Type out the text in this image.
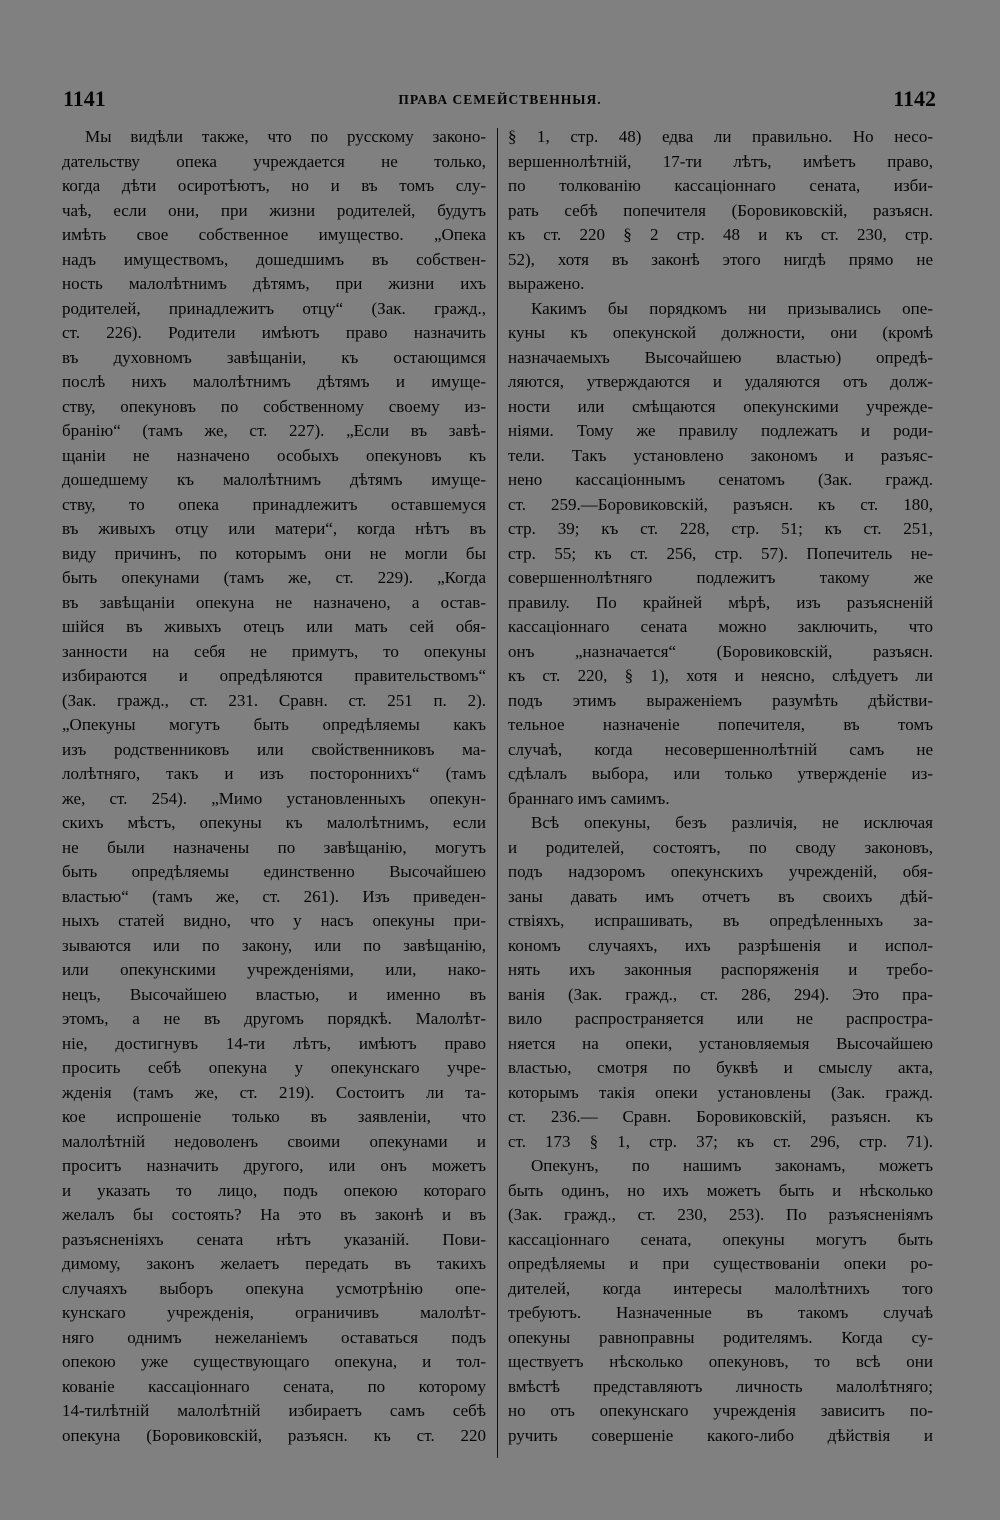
1141	ПРАВА СЕМЕЙСТВЕННЫЯ.	1142
Мы видѣли также, что по русскому законо-
дательству опека учреждается не только,
когда дѣти осиротѣютъ, но и въ томъ слу-
чаѣ, если они, при жизни родителей, будутъ
имѣть свое собственное имущество. „Опека
надъ имуществомъ, дошедшимъ въ собствен-
ность малолѣтнимъ дѣтямъ, при жизни ихъ
родителей, принадлежитъ отцу“ (Зак. гражд.,
ст. 226). Родители имѣютъ право назначить
въ духовномъ завѣщаніи, къ остающимся
послѣ нихъ малолѣтнимъ дѣтямъ и имуще-
ству, опекуновъ по собственному своему из-
бранію“ (тамъ же, ст. 227). „Если въ завѣ-
щаніи не назначено особыхъ опекуновъ къ
дошедшему къ малолѣтнимъ дѣтямъ имуще-
ству, то опека принадлежитъ оставшемуся
въ живыхъ отцу или матери“, когда нѣтъ въ
виду причинъ, по которымъ они не могли бы
быть опекунами (тамъ же, ст. 229). „Когда
въ завѣщаніи опекуна не назначено, а остав-
шійся въ живыхъ отецъ или мать сей обя-
занности на себя не примутъ, то опекуны
избираются и опредѣляются правительствомъ“
(Зак. гражд., ст. 231. Сравн. ст. 251 п. 2).
„Опекуны могутъ быть опредѣляемы какъ
изъ родственниковъ или свойственниковъ ма-
лолѣтняго, такъ и изъ постороннихъ“ (тамъ
же, ст. 254). „Мимо установленныхъ опекун-
скихъ мѣстъ, опекуны къ малолѣтнимъ, если
не были назначены по завѣщанію, могутъ
быть опредѣляемы единственно Высочайшею
властью“ (тамъ же, ст. 261). Изъ приведен-
ныхъ статей видно, что у насъ опекуны при-
зываются или по закону, или по завѣщанію,
или опекунскими учрежденіями, или, нако-
нецъ, Высочайшею властью, и именно въ
этомъ, а не въ другомъ порядкѣ. Малолѣт-
ніе, достигнувъ 14-ти лѣтъ, имѣютъ право
просить себѣ опекуна у опекунскаго учре-
жденія (тамъ же, ст. 219). Состоитъ ли та-
кое испрошеніе только въ заявленіи, что
малолѣтній недоволенъ своими опекунами и
проситъ назначить другого, или онъ можетъ
и указать то лицо, подъ опекою котораго
желалъ бы состоять? На это въ законѣ и въ
разъясненіяхъ сената нѣтъ указаній. Пови-
димому, законъ желаетъ передать въ такихъ
случаяхъ выборъ опекуна усмотрѣнію опе-
кунскаго учрежденія, ограничивъ малолѣт-
няго однимъ нежеланіемъ оставаться подъ
опекою уже существующаго опекуна, и тол-
кованіе кассаціоннаго сената, по которому
14-тилѣтній малолѣтній избираетъ самъ себѣ
опекуна (Боровиковскій, разъясн. къ ст. 220
§ 1, стр. 48) едва ли правильно. Но несо-
вершеннолѣтній, 17-ти лѣтъ, имѣетъ право,
по толкованію кассаціоннаго сената, изби-
рать себѣ попечителя (Боровиковскій, разъясн.
къ ст. 220 § 2 стр. 48 и къ ст. 230, стр.
52), хотя въ законѣ этого нигдѣ прямо не
выражено.
Какимъ бы порядкомъ ни призывались опе-
куны къ опекунской должности, они (кромѣ
назначаемыхъ Высочайшею властью) опредѣ-
ляются, утверждаются и удаляются отъ долж-
ности или смѣщаются опекунскими учрежде-
ніями. Тому же правилу подлежатъ и роди-
тели. Такъ установлено закономъ и разъяс-
нено кассаціоннымъ сенатомъ (Зак. гражд.
ст. 259.—Боровиковскій, разъясн. къ ст. 180,
стр. 39; къ ст. 228, стр. 51; къ ст. 251,
стр. 55; къ ст. 256, стр. 57). Попечитель не-
совершеннолѣтняго подлежитъ такому же
правилу. По крайней мѣрѣ, изъ разъясненій
кассаціоннаго сената можно заключить, что
онъ „назначается“ (Боровиковскій, разъясн.
къ ст. 220, § 1), хотя и неясно, слѣдуетъ ли
подъ этимъ выраженіемъ разумѣть дѣйстви-
тельное назначеніе попечителя, въ томъ
случаѣ, когда несовершеннолѣтній самъ не
сдѣлалъ выбора, или только утвержденіе из-
браннаго имъ самимъ.
Всѣ опекуны, безъ различія, не исключая
и родителей, состоятъ, по своду законовъ,
подъ надзоромъ опекунскихъ учрежденій, обя-
заны давать имъ отчетъ въ своихъ дѣй-
ствіяхъ, испрашивать, въ опредѣленныхъ за-
кономъ случаяхъ, ихъ разрѣшенія и испол-
нять ихъ законныя распоряженія и требо-
ванія (Зак. гражд., ст. 286, 294). Это пра-
вило распространяется или не распростра-
няется на опеки, установляемыя Высочайшею
властью, смотря по буквѣ и смыслу акта,
которымъ такія опеки установлены (Зак. гражд.
ст. 236.— Сравн. Боровиковскій, разъясн. къ
ст. 173 § 1, стр. 37; къ ст. 296, стр. 71).
Опекунъ, по нашимъ законамъ, можетъ
быть одинъ, но ихъ можетъ быть и нѣсколько
(Зак. гражд., ст. 230, 253). По разъясненіямъ
кассаціоннаго сената, опекуны могутъ быть
опредѣляемы и при существованіи опеки ро-
дителей, когда интересы малолѣтнихъ того
требуютъ. Назначенные въ такомъ случаѣ
опекуны равноправны родителямъ. Когда су-
ществуетъ нѣсколько опекуновъ, то всѣ они
вмѣстѣ представляютъ личность малолѣтняго;
но отъ опекунскаго учрежденія зависитъ по-
ручить совершеніе какого-либо дѣйствія и
